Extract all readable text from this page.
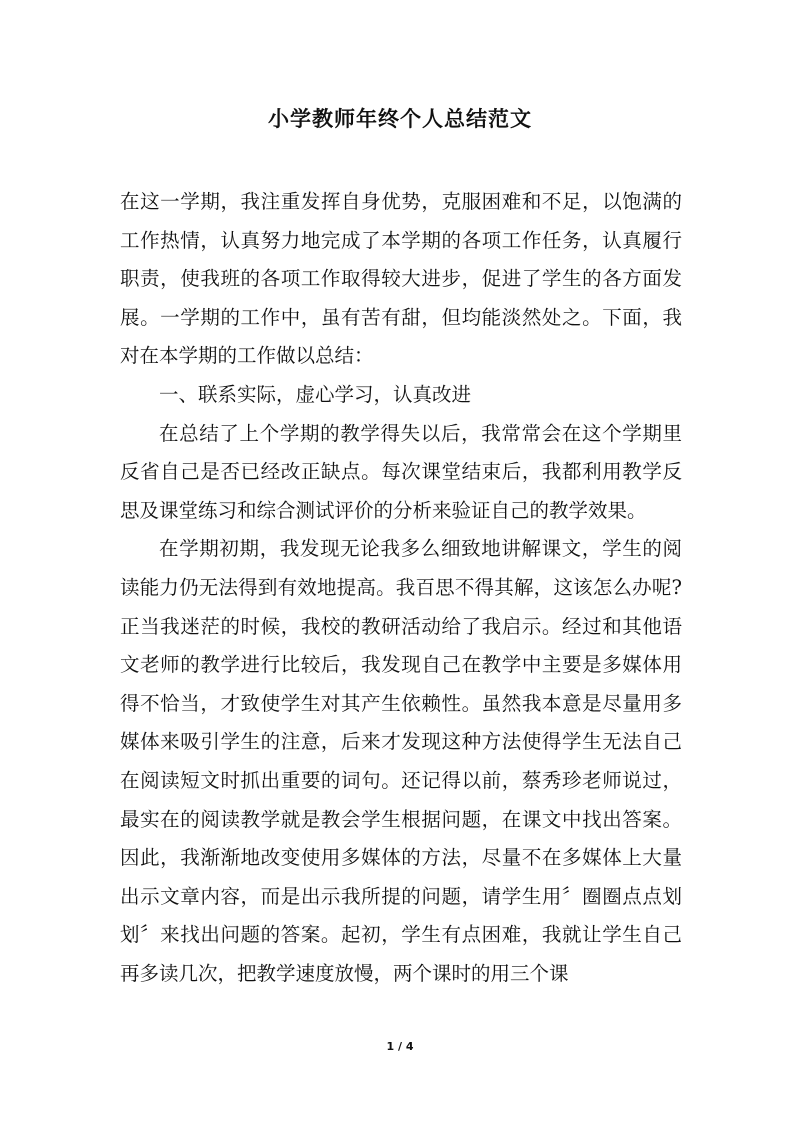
小学教师年终个人总结范文

在这一学期，我注重发挥自身优势，克服困难和不足，以饱满的工作热情，认真努力地完成了本学期的各项工作任务，认真履行职责，使我班的各项工作取得较大进步，促进了学生的各方面发展。一学期的工作中，虽有苦有甜，但均能淡然处之。下面，我对在本学期的工作做以总结：

一、联系实际，虚心学习，认真改进

在总结了上个学期的教学得失以后，我常常会在这个学期里反省自己是否已经改正缺点。每次课堂结束后，我都利用教学反思及课堂练习和综合测试评价的分析来验证自己的教学效果。

在学期初期，我发现无论我多么细致地讲解课文，学生的阅读能力仍无法得到有效地提高。我百思不得其解，这该怎么办呢?正当我迷茫的时候，我校的教研活动给了我启示。经过和其他语文老师的教学进行比较后，我发现自己在教学中主要是多媒体用得不恰当，才致使学生对其产生依赖性。虽然我本意是尽量用多媒体来吸引学生的注意，后来才发现这种方法使得学生无法自己在阅读短文时抓出重要的词句。还记得以前，蔡秀珍老师说过，最实在的阅读教学就是教会学生根据问题，在课文中找出答案。因此，我渐渐地改变使用多媒体的方法，尽量不在多媒体上大量出示文章内容，而是出示我所提的问题，请学生用〞圈圈点点划划〞来找出问题的答案。起初，学生有点困难，我就让学生自己再多读几次，把教学速度放慢，两个课时的用三个课

1 / 4
